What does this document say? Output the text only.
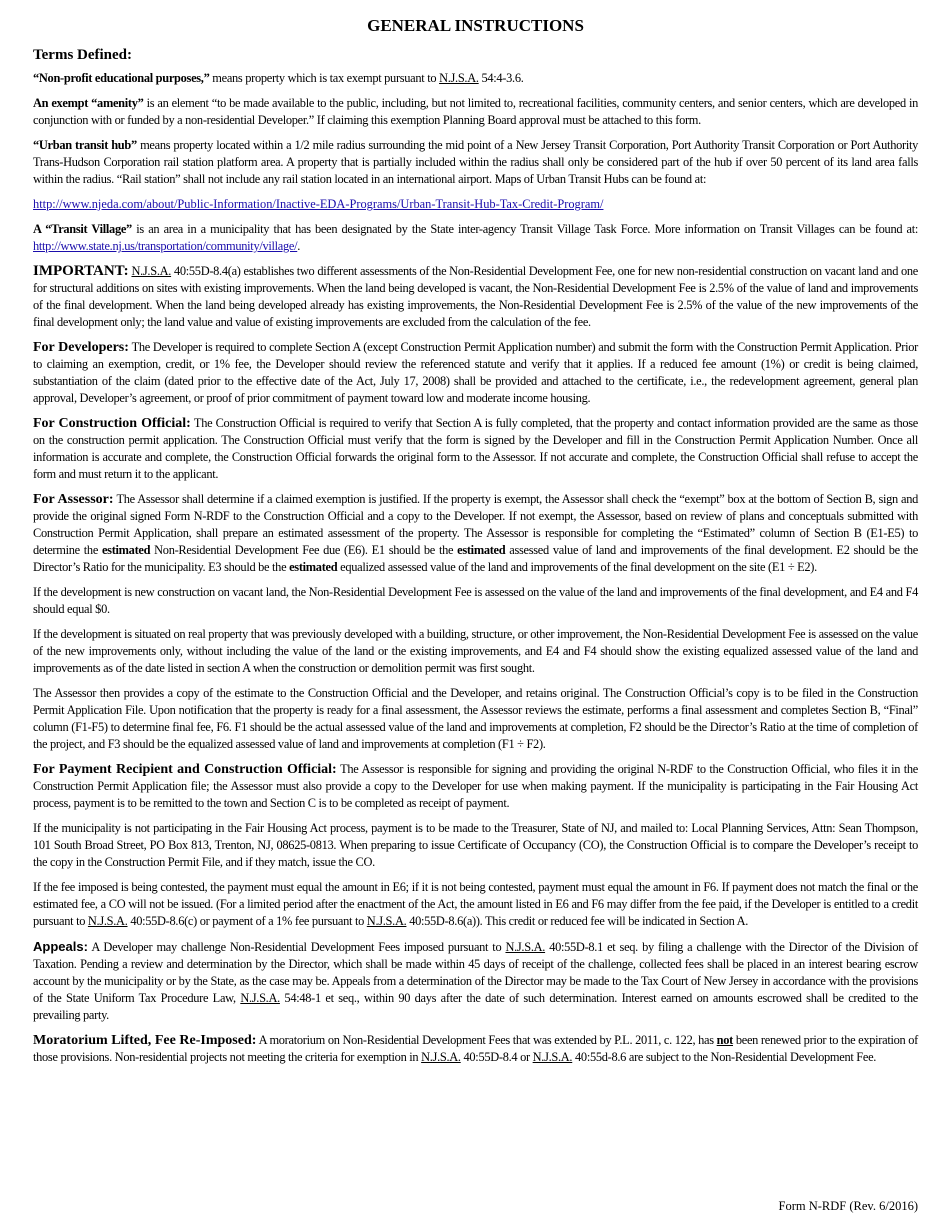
GENERAL INSTRUCTIONS
Terms Defined:

“Non-profit educational purposes,” means property which is tax exempt pursuant to N.J.S.A. 54:4-3.6.

An exempt “amenity” is an element “to be made available to the public, including, but not limited to, recreational facilities, community centers, and senior centers, which are developed in conjunction with or funded by a non-residential Developer.” If claiming this exemption Planning Board approval must be attached to this form.

“Urban transit hub” means property located within a 1/2 mile radius surrounding the mid point of a New Jersey Transit Corporation, Port Authority Transit Corporation or Port Authority Trans-Hudson Corporation rail station platform area. A property that is partially included within the radius shall only be considered part of the hub if over 50 percent of its land area falls within the radius. “Rail station” shall not include any rail station located in an international airport. Maps of Urban Transit Hubs can be found at:

http://www.njeda.com/about/Public-Information/Inactive-EDA-Programs/Urban-Transit-Hub-Tax-Credit-Program/

A “Transit Village” is an area in a municipality that has been designated by the State inter-agency Transit Village Task Force. More information on Transit Villages can be found at: http://www.state.nj.us/transportation/community/village/.

IMPORTANT: N.J.S.A. 40:55D-8.4(a) establishes two different assessments of the Non-Residential Development Fee, one for new non-residential construction on vacant land and one for structural additions on sites with existing improvements. When the land being developed is vacant, the Non-Residential Development Fee is 2.5% of the value of land and improvements of the final development. When the land being developed already has existing improvements, the Non-Residential Development Fee is 2.5% of the value of the new improvements of the final development only; the land value and value of existing improvements are excluded from the calculation of the fee.

For Developers: The Developer is required to complete Section A (except Construction Permit Application number) and submit the form with the Construction Permit Application. Prior to claiming an exemption, credit, or 1% fee, the Developer should review the referenced statute and verify that it applies. If a reduced fee amount (1%) or credit is being claimed, substantiation of the claim (dated prior to the effective date of the Act, July 17, 2008) shall be provided and attached to the certificate, i.e., the redevelopment agreement, general plan approval, Developer’s agreement, or proof of prior commitment of payment toward low and moderate income housing.

For Construction Official: The Construction Official is required to verify that Section A is fully completed, that the property and contact information provided are the same as those on the construction permit application. The Construction Official must verify that the form is signed by the Developer and fill in the Construction Permit Application Number. Once all information is accurate and complete, the Construction Official forwards the original form to the Assessor. If not accurate and complete, the Construction Official shall refuse to accept the form and must return it to the applicant.

For Assessor: The Assessor shall determine if a claimed exemption is justified. If the property is exempt, the Assessor shall check the “exempt” box at the bottom of Section B, sign and provide the original signed Form N-RDF to the Construction Official and a copy to the Developer. If not exempt, the Assessor, based on review of plans and conceptuals submitted with Construction Permit Application, shall prepare an estimated assessment of the property. The Assessor is responsible for completing the “Estimated” column of Section B (E1-E5) to determine the estimated Non-Residential Development Fee due (E6). E1 should be the estimated assessed value of land and improvements of the final development. E2 should be the Director’s Ratio for the municipality. E3 should be the estimated equalized assessed value of the land and improvements of the final development on the site (E1 ÷ E2).

If the development is new construction on vacant land, the Non-Residential Development Fee is assessed on the value of the land and improvements of the final development, and E4 and F4 should equal $0.

If the development is situated on real property that was previously developed with a building, structure, or other improvement, the Non-Residential Development Fee is assessed on the value of the new improvements only, without including the value of the land or the existing improvements, and E4 and F4 should show the existing equalized assessed value of the land and improvements as of the date listed in section A when the construction or demolition permit was first sought.

The Assessor then provides a copy of the estimate to the Construction Official and the Developer, and retains original. The Construction Official’s copy is to be filed in the Construction Permit Application File. Upon notification that the property is ready for a final assessment, the Assessor reviews the estimate, performs a final assessment and completes Section B, “Final” column (F1-F5) to determine final fee, F6. F1 should be the actual assessed value of the land and improvements at completion, F2 should be the Director’s Ratio at the time of completion of the project, and F3 should be the equalized assessed value of land and improvements at completion (F1 ÷ F2).

For Payment Recipient and Construction Official: The Assessor is responsible for signing and providing the original N-RDF to the Construction Official, who files it in the Construction Permit Application file; the Assessor must also provide a copy to the Developer for use when making payment. If the municipality is participating in the Fair Housing Act process, payment is to be remitted to the town and Section C is to be completed as receipt of payment.

If the municipality is not participating in the Fair Housing Act process, payment is to be made to the Treasurer, State of NJ, and mailed to: Local Planning Services, Attn: Sean Thompson, 101 South Broad Street, PO Box 813, Trenton, NJ, 08625-0813. When preparing to issue Certificate of Occupancy (CO), the Construction Official is to compare the Developer’s receipt to the copy in the Construction Permit File, and if they match, issue the CO.

If the fee imposed is being contested, the payment must equal the amount in E6; if it is not being contested, payment must equal the amount in F6. If payment does not match the final or the estimated fee, a CO will not be issued. (For a limited period after the enactment of the Act, the amount listed in E6 and F6 may differ from the fee paid, if the Developer is entitled to a credit pursuant to N.J.S.A. 40:55D-8.6(c) or payment of a 1% fee pursuant to N.J.S.A. 40:55D-8.6(a)). This credit or reduced fee will be indicated in Section A.

Appeals: A Developer may challenge Non-Residential Development Fees imposed pursuant to N.J.S.A. 40:55D-8.1 et seq. by filing a challenge with the Director of the Division of Taxation. Pending a review and determination by the Director, which shall be made within 45 days of receipt of the challenge, collected fees shall be placed in an interest bearing escrow account by the municipality or by the State, as the case may be. Appeals from a determination of the Director may be made to the Tax Court of New Jersey in accordance with the provisions of the State Uniform Tax Procedure Law, N.J.S.A. 54:48-1 et seq., within 90 days after the date of such determination. Interest earned on amounts escrowed shall be credited to the prevailing party.

Moratorium Lifted, Fee Re-Imposed: A moratorium on Non-Residential Development Fees that was extended by P.L. 2011, c. 122, has not been renewed prior to the expiration of those provisions. Non-residential projects not meeting the criteria for exemption in N.J.S.A. 40:55D-8.4 or N.J.S.A. 40:55d-8.6 are subject to the Non-Residential Development Fee.

Form N-RDF (Rev. 6/2016)
